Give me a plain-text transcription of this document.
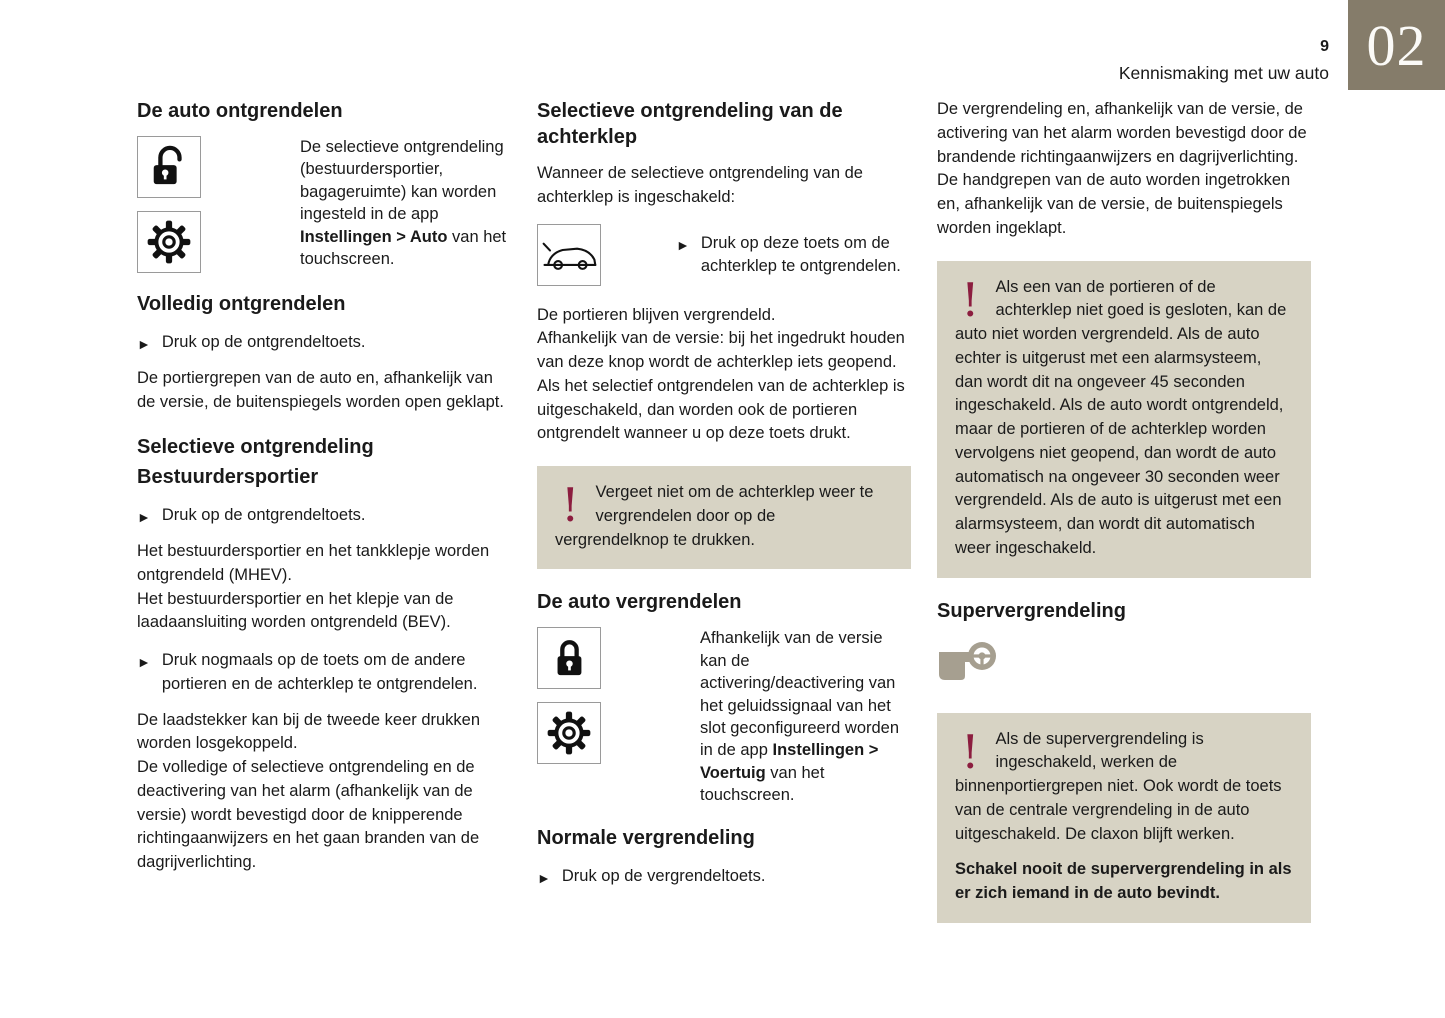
9
Kennismaking met uw auto 02
De auto ontgrendelen
De selectieve ontgrendeling (bestuurdersportier, bagageruimte) kan worden ingesteld in de app Instellingen > Auto van het touchscreen.
Volledig ontgrendelen
► Druk op de ontgrendeltoets.

De portiergrepen van de auto en, afhankelijk van de versie, de buitenspiegels worden open geklapt.

Selectieve ontgrendeling
Bestuurdersportier
► Druk op de ontgrendeltoets.

Het bestuurdersportier en het tankklepje worden ontgrendeld (MHEV).

Het bestuurdersportier en het klepje van de laadaansluiting worden ontgrendeld (BEV).

► Druk nogmaals op de toets om de andere portieren en de achterklep te ontgrendelen.

De laadstekker kan bij de tweede keer drukken worden losgekoppeld.

De volledige of selectieve ontgrendeling en de deactivering van het alarm (afhankelijk van de versie) wordt bevestigd door de knipperende richtingaanwijzers en het gaan branden van de dagrijverlichting.

Selectieve ontgrendeling van de achterklep

Wanneer de selectieve ontgrendeling van de achterklep is ingeschakeld:

► Druk op deze toets om de achterklep te ontgrendelen.

De portieren blijven vergrendeld.

Afhankelijk van de versie: bij het ingedrukt houden van deze knop wordt de achterklep iets geopend.

Als het selectief ontgrendelen van de achterklep is uitgeschakeld, dan worden ook de portieren ontgrendelt wanneer u op deze toets drukt.

! Vergeet niet om de achterklep weer te vergrendelen door op de vergrendelknop te drukken.
De auto vergrendelen
Afhankelijk van de versie kan de activering/deactivering van het geluidssignaal van het slot geconfigureerd worden in de app Instellingen > Voertuig van het touchscreen.
Normale vergrendeling
► Druk op de vergrendeltoets.

De vergrendeling en, afhankelijk van de versie, de activering van het alarm worden bevestigd door de brandende richtingaanwijzers en dagrijverlichting.

De handgrepen van de auto worden ingetrokken en, afhankelijk van de versie, de buitenspiegels worden ingeklapt.

! Als een van de portieren of de achterklep niet goed is gesloten, kan de auto niet worden vergrendeld. Als de auto echter is uitgerust met een alarmsysteem, dan wordt dit na ongeveer 45 seconden ingeschakeld. Als de auto wordt ontgrendeld, maar de portieren of de achterklep worden vervolgens niet geopend, dan wordt de auto automatisch na ongeveer 30 seconden weer vergrendeld. Als de auto is uitgerust met een alarmsysteem, dan wordt dit automatisch weer ingeschakeld.
Supervergrendeling
! Als de supervergrendeling is ingeschakeld, werken de binnenportiergrepen niet. Ook wordt de toets van de centrale vergrendeling in de auto uitgeschakeld. De claxon blijft werken.

Schakel nooit de supervergrendeling in als er zich iemand in de auto bevindt.
